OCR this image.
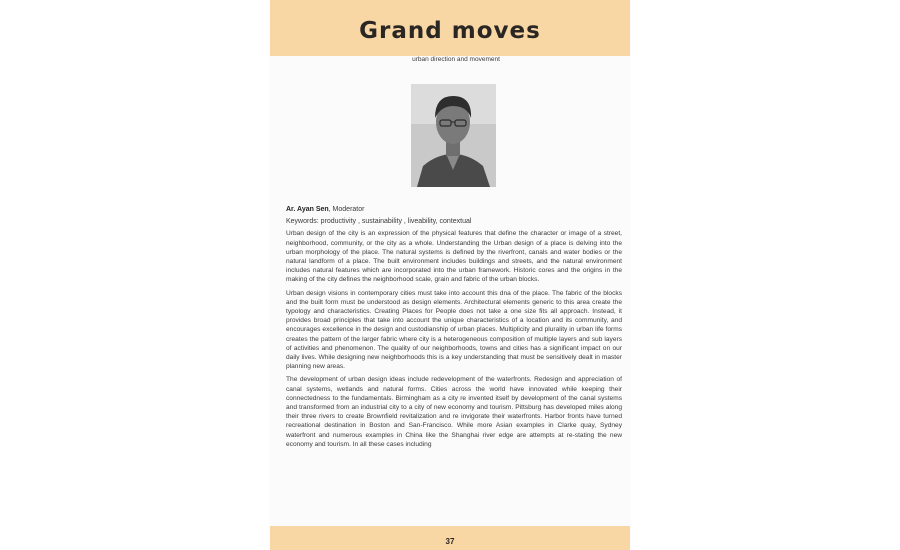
Grand moves
urban direction and movement

Ar. Ayan Sen, Moderator

Keywords: productivity , sustainability , liveability, contextual

Urban design of the city is an expression of the physical features that define the character or image of a street, neighborhood, community, or the city as a whole. Understanding the Urban design of a place is delving into the urban morphology of the place. The natural systems is defined by the riverfront, canals and water bodies or the natural landform of a place. The built environment includes buildings and streets, and the natural environment includes natural features which are incorporated into the urban framework. Historic cores and the origins in the making of the city defines the neighborhood scale, grain and fabric of the urban blocks.

Urban design visions in contemporary cities must take into account this dna of the place. The fabric of the blocks and the built form must be understood as design elements. Architectural elements generic to this area create the typology and characteristics. Creating Places for People does not take a one size fits all approach. Instead, it provides broad principles that take into account the unique characteristics of a location and its community, and encourages excellence in the design and custodianship of urban places. Multiplicity and plurality in urban life forms creates the pattern of the larger fabric where city is a heterogeneous composition of multiple layers and sub layers of activities and phenomenon. The quality of our neighborhoods, towns and cities has a significant impact on our daily lives. While designing new neighborhoods this is a key understanding that must be sensitively dealt in master planning new areas.

The development of urban design ideas include redevelopment of the waterfronts. Redesign and appreciation of canal systems, wetlands and natural forms. Cities across the world have innovated while keeping their connectedness to the fundamentals. Birmingham as a city re invented itself by development of the canal systems and transformed from an industrial city to a city of new economy and tourism. Pittsburg has developed miles along their three rivers to create Brownfield revitalization and re invigorate their waterfronts. Harbor fronts have turned recreational destination in Boston and San-Francisco. While more Asian examples in Clarke quay, Sydney waterfront and numerous examples in China like the Shanghai river edge are attempts at re-stating the new economy and tourism. In all these cases including

37
